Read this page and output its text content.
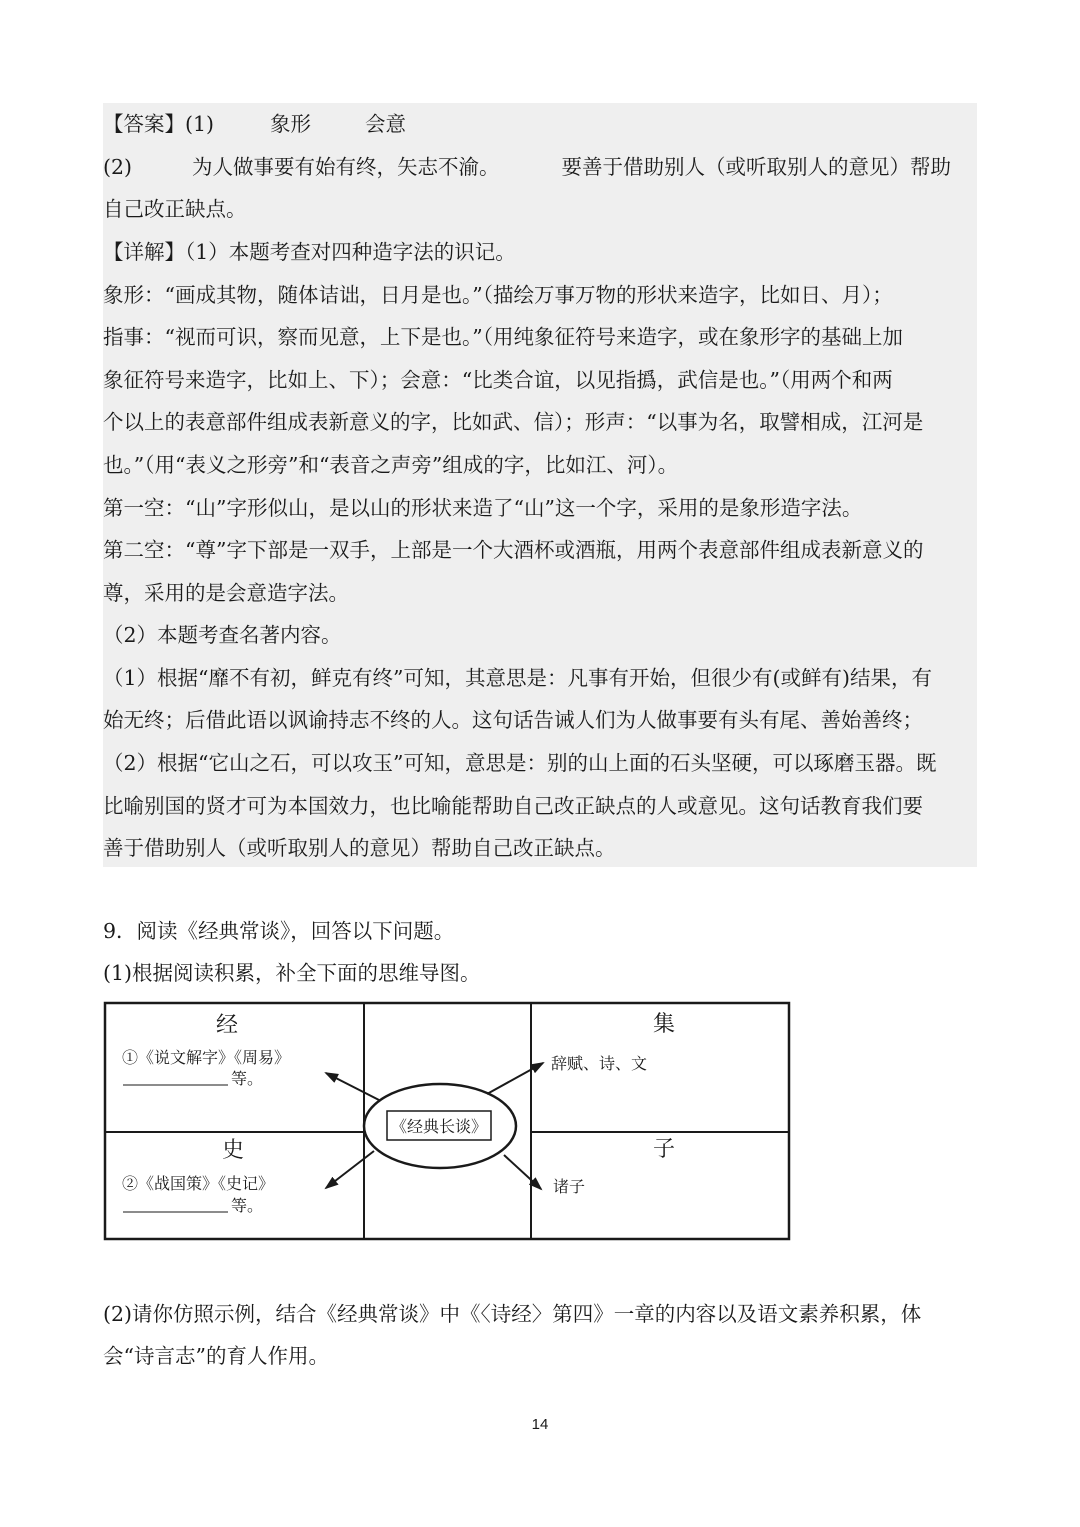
【答案】(1)	象形	会意
(2)	为人做事要有始有终，矢志不渝。	要善于借助别人（或听取别人的意见）帮助
自己改正缺点。
【详解】（1）本题考查对四种造字法的识记。
象形：“画成其物，随体诘诎，日月是也。”（描绘万事万物的形状来造字，比如日、月）；
指事：“视而可识，察而见意，上下是也。”（用纯象征符号来造字，或在象形字的基础上加
象征符号来造字，比如上、下）；会意：“比类合谊，以见指撝，武信是也。”（用两个和两
个以上的表意部件组成表新意义的字，比如武、信）；形声：“以事为名，取譬相成，江河是
也。”（用“表义之形旁”和“表音之声旁”组成的字，比如江、河）。
第一空：“山”字形似山，是以山的形状来造了“山”这一个字，采用的是象形造字法。
第二空：“尊”字下部是一双手，上部是一个大酒杯或酒瓶，用两个表意部件组成表新意义的
尊，采用的是会意造字法。
（2）本题考查名著内容。
（1）根据“靡不有初，鲜克有终”可知，其意思是：凡事有开始，但很少有(或鲜有)结果，有
始无终；后借此语以讽谕持志不终的人。这句话告诫人们为人做事要有头有尾、善始善终；
（2）根据“它山之石，可以攻玉”可知，意思是：别的山上面的石头坚硬，可以琢磨玉器。既
比喻别国的贤才可为本国效力，也比喻能帮助自己改正缺点的人或意见。这句话教育我们要
善于借助别人（或听取别人的意见）帮助自己改正缺点。
9．阅读《经典常谈》，回答以下问题。
(1)根据阅读积累，补全下面的思维导图。
《经典长谈》
经
①《说文解字》《周易》
等。
集
辞赋、诗、文
史
②《战国策》《史记》
等。
子
诸子
(2)请你仿照示例，结合《经典常谈》中《〈诗经〉第四》一章的内容以及语文素养积累，体
会“诗言志”的育人作用。
14
